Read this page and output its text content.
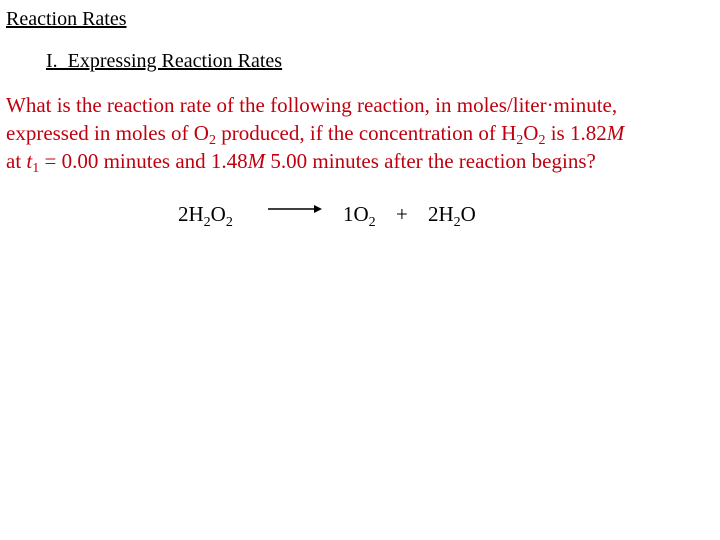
Reaction Rates
I.  Expressing Reaction Rates
What is the reaction rate of the following reaction, in moles/liter·minute,
expressed in moles of $O_2$ produced, if the concentration of $H_2O_2$ is 1.82M
at $t_1 = 0.00$ minutes and 1.48M 5.00 minutes after the reaction begins?
$2H_2O_2 \to 1O_2 + 2H_2O$
